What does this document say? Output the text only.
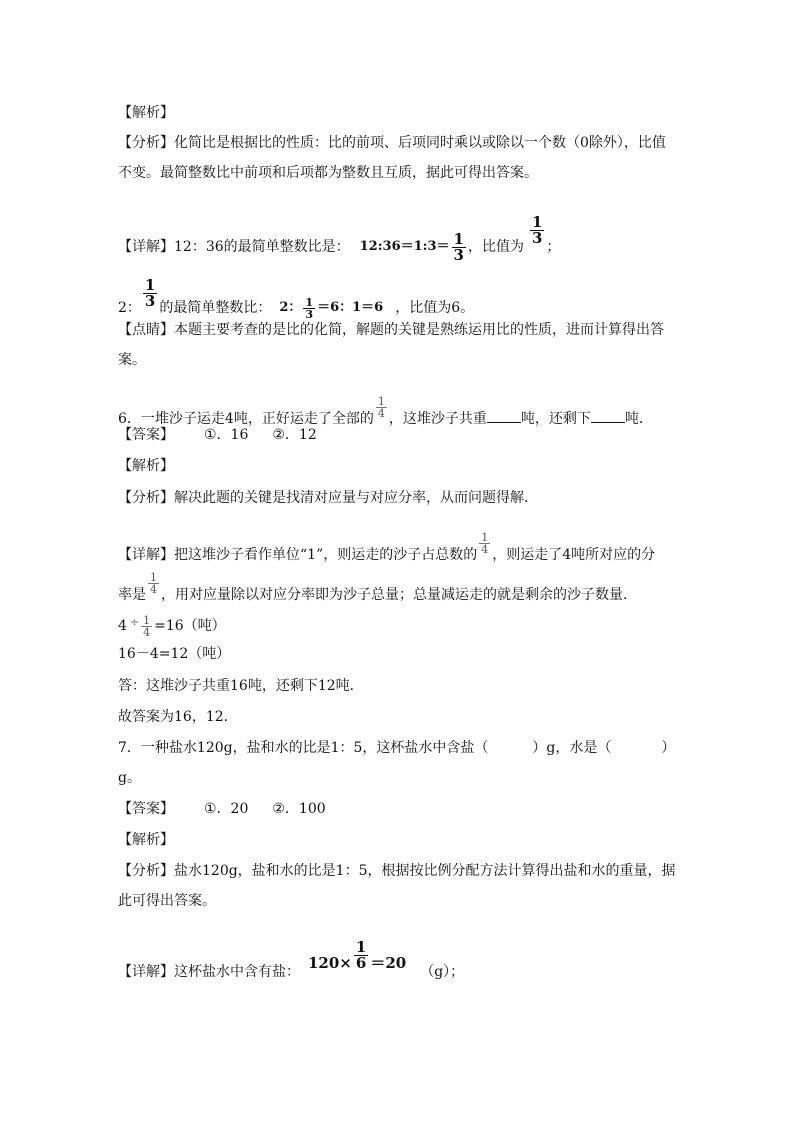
【解析】
【分析】化简比是根据比的性质：比的前项、后项同时乘以或除以一个数（0除外），比值
不变。最简整数比中前项和后项都为整数且互质，据此可得出答案。
【详解】12：36的最简单整数比是： 12:36＝1:3＝ $\frac{1}{3}$ ，比值为
$\frac{1}{3}$
；
2： $\frac{1}{3}$ 的最简单整数比： 2： $\frac{1}{3} =6$：1＝6 ，比值为6。
【点睛】本题主要考查的是比的化简，解题的关键是熟练运用比的性质，进而计算得出答
案。
6．一堆沙子运走4吨，正好运走了全部的 $\frac{1}{4}$ ，这堆沙子共重 吨，还剩下 吨．
【答案】 ①．16 ②．12
【解析】
【分析】解决此题的关键是找清对应量与对应分率，从而问题得解．
【详解】把这堆沙子看作单位“1”，则运走的沙子占总数的 $\frac{1}{4}$ ，则运走了4吨所对应的分
率是 $\frac{1}{4}$ ，用对应量除以对应分率即为沙子总量；总量减运走的就是剩余的沙子数量．
4 $^\div \frac{1}{4} =16$（吨）
16－4=12（吨）
答：这堆沙子共重16吨，还剩下12吨．
故答案为16，12．
7．一种盐水120g，盐和水的比是1：5，这杯盐水中含盐（	）g，水是（	）
g。
【答案】 ①．20 ②．100
【解析】
【分析】盐水120g，盐和水的比是1：5，根据按比例分配方法计算得出盐和水的重量，据
此可得出答案。
【详解】这杯盐水中含有盐： $120\times \frac{1}{6} =20$ （g）；
